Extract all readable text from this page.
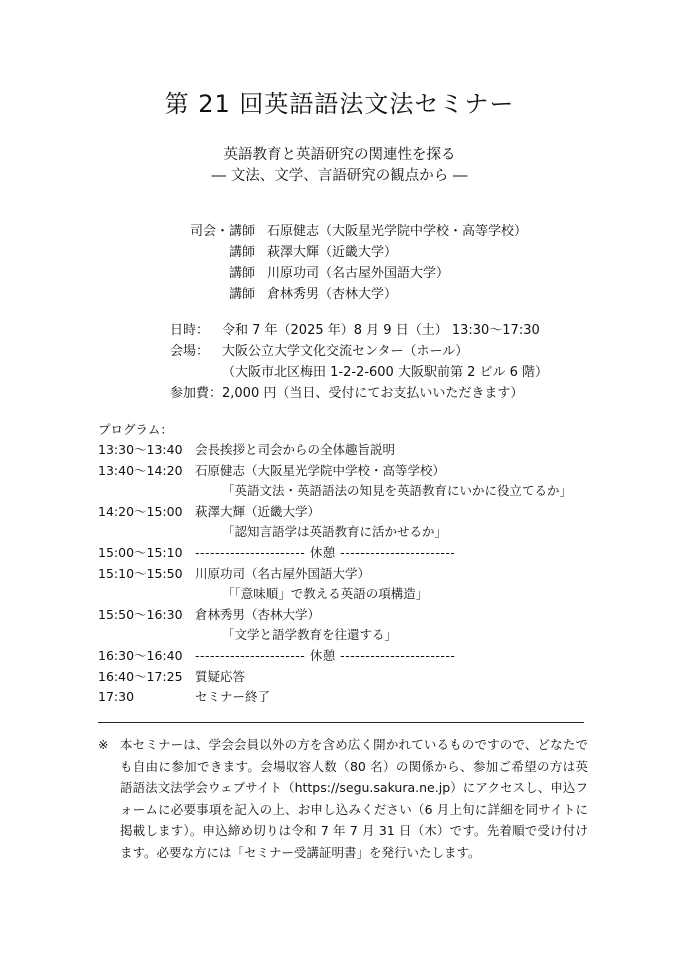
第 21 回英語語法文法セミナー
英語教育と英語研究の関連性を探る
― 文法、文学、言語研究の観点から ―
司会・講師 石原健志（大阪星光学院中学校・高等学校）
講師 萩澤大輝（近畿大学）
講師 川原功司（名古屋外国語大学）
講師 倉林秀男（杏林大学）
日時： 令和 7 年（2025 年）8 月 9 日（土） 13:30～17:30
会場： 大阪公立大学文化交流センター（ホール）
（大阪市北区梅田 1-2-2-600 大阪駅前第 2 ビル 6 階）
参加費：2,000 円（当日、受付にてお支払いいただきます）
プログラム：
13:30～13:40 会長挨拶と司会からの全体趣旨説明
13:40～14:20 石原健志（大阪星光学院中学校・高等学校）
「英語文法・英語語法の知見を英語教育にいかに役立てるか」
14:20～15:00 萩澤大輝（近畿大学）
「認知言語学は英語教育に活かせるか」
15:00～15:10 ---------------------- 休憩 -----------------------
15:10～15:50 川原功司（名古屋外国語大学）
「「意味順」で教える英語の項構造」
15:50～16:30 倉林秀男（杏林大学）
「文学と語学教育を往還する」
16:30～16:40 ---------------------- 休憩 -----------------------
16:40～17:25 質疑応答
17:30	セミナー終了
※ 本セミナーは、学会会員以外の方を含め広く開かれているものですので、どなたでも自由に参加できます。会場収容人数（80 名）の関係から、参加ご希望の方は英語語法文法学会ウェブサイト（https://segu.sakura.ne.jp）にアクセスし、申込フォームに必要事項を記入の上、お申し込みください（6 月上旬に詳細を同サイトに掲載します）。申込締め切りは令和 7 年 7 月 31 日（木）です。先着順で受け付けます。必要な方には「セミナー受講証明書」を発行いたします。
